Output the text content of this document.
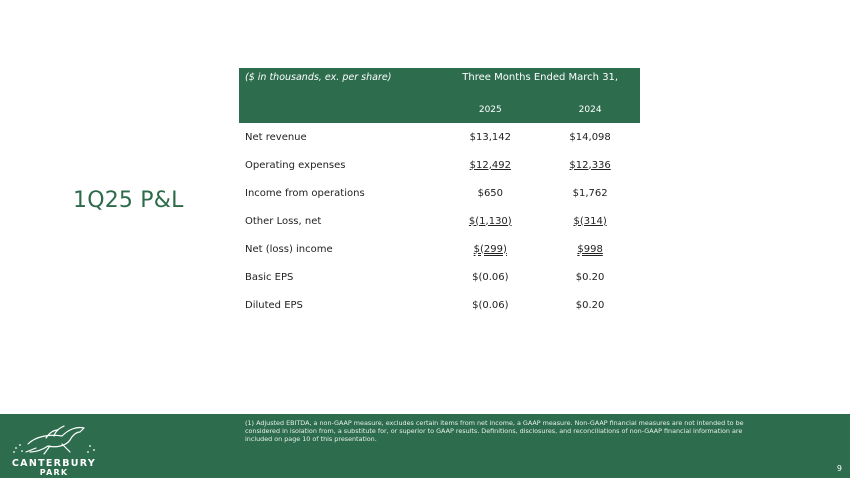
1Q25 P&L
($ in thousands, ex. per share)	Three Months Ended March 31,	
	2025	2024
Net revenue	$13,142	$14,098
Operating expenses	$12,492	$12,336
Income from operations	$650	$1,762
Other Loss, net	$(1,130)	$(314)
Net (loss) income	$(299)	$998
Basic EPS	$(0.06)	$0.20
Diluted EPS	$(0.06)	$0.20
CANTERBURY
PARK
(1) Adjusted EBITDA, a non-GAAP measure, excludes certain items from net income, a GAAP measure. Non-GAAP financial measures are not intended to be considered in isolation from, a substitute for, or superior to GAAP results. Definitions, disclosures, and reconciliations of non-GAAP financial information are included on page 10 of this presentation.
9
